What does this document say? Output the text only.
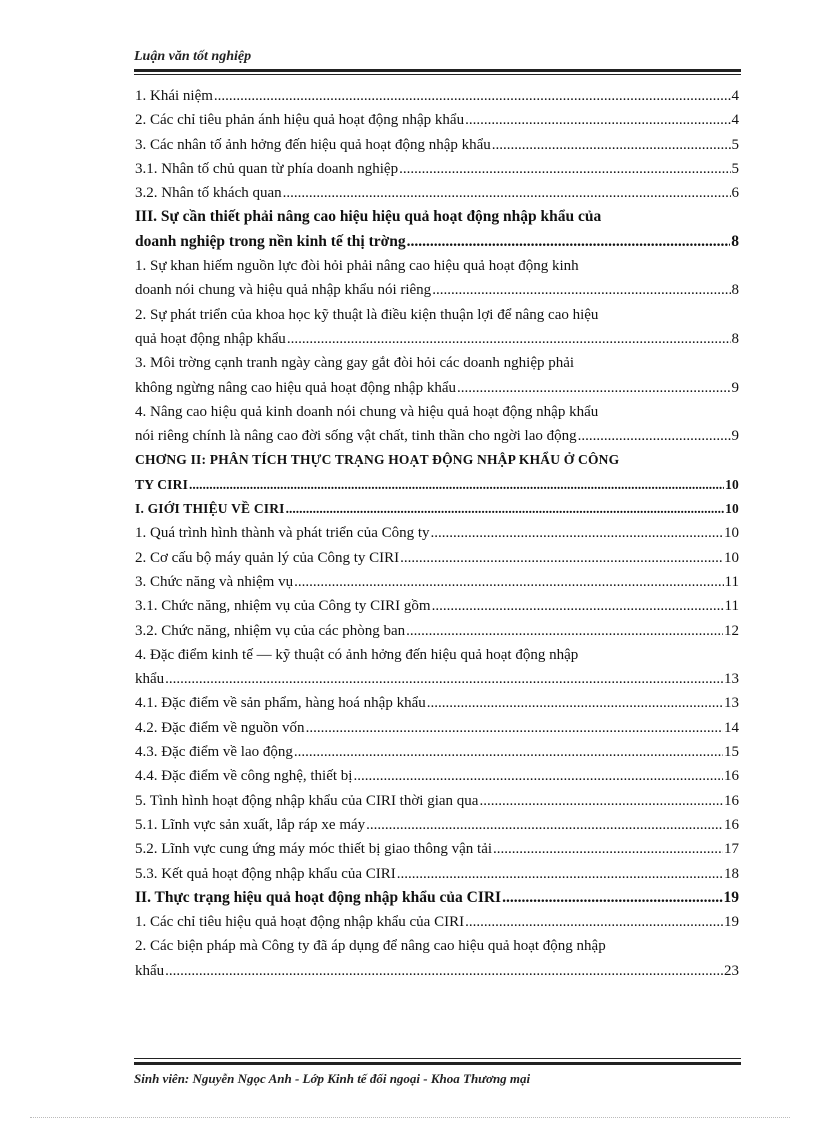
Luận văn tốt nghiệp
1. Khái niệm .....	4
2. Các chỉ tiêu phản ánh hiệu quả hoạt động nhập khẩu .....	4
3. Các nhân tố ảnh hởng đến hiệu quả hoạt động nhập khẩu .....	5
3.1. Nhân tố chủ quan từ phía doanh nghiệp .....	5
3.2. Nhân tố khách quan .....	6
III. Sự cần thiết phải nâng cao hiệu hiệu quả hoạt động nhập khẩu của
doanh nghiệp trong nền kinh tế thị trờng .....	8
1. Sự khan hiếm nguồn lực đòi hỏi phải nâng cao hiệu quả hoạt động kinh
doanh nói chung và hiệu quả nhập khẩu nói riêng .....	8
2. Sự phát triển của khoa học kỹ thuật là điều kiện thuận lợi để nâng cao hiệu
quả hoạt động nhập khẩu .....	8
3. Môi trờng cạnh tranh ngày càng gay gắt đòi hỏi các doanh nghiệp phải
không ngừng nâng cao hiệu quả hoạt động nhập khẩu .....	9
4. Nâng cao hiệu quả kinh doanh nói chung và hiệu quả hoạt động nhập khẩu
nói riêng chính là nâng cao đời sống vật chất, tinh thần cho ngời lao động .....	9
CHƠNG II: PHÂN TÍCH THỰC TRẠNG HOẠT ĐỘNG NHẬP KHẨU Ở CÔNG
TY CIRI .....	10
I. GIỚI THIỆU VỀ CIRI .....	10
1. Quá trình hình thành và phát triển của Công ty .....	10
2. Cơ cấu bộ máy quản lý của Công ty CIRI .....	10
3. Chức năng và nhiệm vụ .....	11
3.1. Chức năng, nhiệm vụ của Công ty CIRI gồm .....	11
3.2. Chức năng, nhiệm vụ của các phòng ban .....	12
4. Đặc điểm kinh tế — kỹ thuật có ảnh hởng đến hiệu quả hoạt động nhập
khẩu .....	13
4.1. Đặc điểm về sản phẩm, hàng hoá nhập khẩu .....	13
4.2. Đặc điểm về nguồn vốn .....	14
4.3. Đặc điểm về lao động .....	15
4.4. Đặc điểm về công nghệ, thiết bị .....	16
5. Tình hình hoạt động nhập khẩu của CIRI thời gian qua .....	16
5.1. Lĩnh vực sản xuất, lắp ráp xe máy .....	16
5.2. Lĩnh vực cung ứng máy móc thiết bị giao thông vận tải .....	17
5.3. Kết quả hoạt động nhập khẩu của CIRI .....	18
II. Thực trạng hiệu quả hoạt động nhập khẩu của CIRI .....	19
1. Các chỉ tiêu hiệu quả hoạt động nhập khẩu của CIRI .....	19
2. Các biện pháp mà Công ty đã áp dụng để nâng cao hiệu quả hoạt động nhập
khẩu .....	23
Sinh viên: Nguyễn Ngọc Anh - Lớp Kinh tế đối ngoại - Khoa Thương mại
